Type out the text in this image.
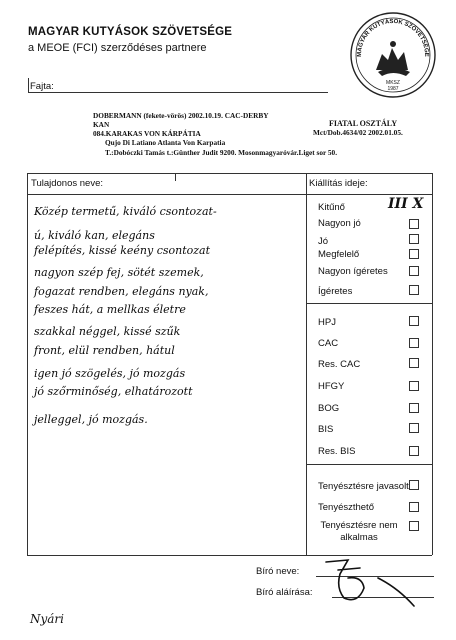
MAGYAR KUTYÁSOK SZÖVETSÉGE
a MEOE (FCI) szerződéses partnere
MAGYAR KUTYÁSOK SZÖVETSÉGE
MKSZ
1987
Fajta:
DOBERMANN (fekete-vörös) 2002.10.19. CAC-DERBY
KAN
084.KARAKAS VON KÁRPÁTIA
Qujo Di Latiano Atlanta Von Karpatia
T.:Dobóczki Tamás t.:Günther Judit 9200. Mosonmagyaróvár.Liget sor 50.
FIATAL OSZTÁLY
Mct/Dob.4634/02 2002.01.05.
Tulajdonos neve:	Kiállítás ideje:
Közép termetű, kiváló csontozat-
ú, kiváló kan, elegáns
felépítés, kissé keény csontozat
nagyon szép fej, sötét szemek,
fogazat rendben, elegáns nyak,
feszes hát, a mellkas életre
szakkal néggel, kissé szűk
front, elül rendben, hátul
igen jó szögelés, jó mozgás
jó szőrminőség, elhatározott
jelleggel, jó mozgás.
Kitűnő	III X
Nagyon jó
Jó
Megfelelő
Nagyon ígéretes
Ígéretes
HPJ
CAC
Res. CAC
HFGY
BOG
BIS
Res. BIS
Tenyésztésre javasolt
Tenyészthető
Tenyésztésre nem alkalmas
Bíró neve:
Bíró aláírása:
Nyári
